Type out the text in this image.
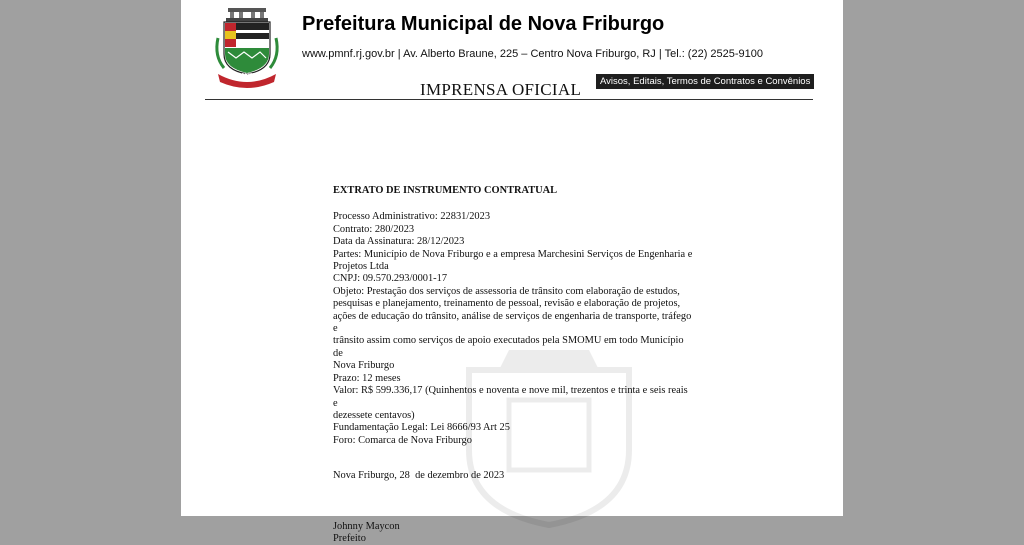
NOVA FRIBURGO
Prefeitura Municipal de Nova Friburgo
www.pmnf.rj.gov.br | Av. Alberto Braune, 225 – Centro Nova Friburgo, RJ | Tel.: (22) 2525-9100
Avisos, Editais, Termos de Contratos e Convênios
IMPRENSA OFICIAL
EXTRATO DE INSTRUMENTO CONTRATUAL

Processo Administrativo: 22831/2023

Contrato: 280/2023

Data da Assinatura: 28/12/2023

Partes: Município de Nova Friburgo e a empresa Marchesini Serviços de Engenharia e

Projetos Ltda

CNPJ: 09.570.293/0001-17

Objeto: Prestação dos serviços de assessoria de trânsito com elaboração de estudos,

pesquisas e planejamento, treinamento de pessoal, revisão e elaboração de projetos,

ações de educação do trânsito, análise de serviços de engenharia de transporte, tráfego e

trânsito assim como serviços de apoio executados pela SMOMU em todo Município de

Nova Friburgo

Prazo: 12 meses

Valor: R$ 599.336,17 (Quinhentos e noventa e nove mil, trezentos e trinta e seis reais e

dezessete centavos)

Fundamentação Legal: Lei 8666/93 Art 25

Foro: Comarca de Nova Friburgo

Nova Friburgo, 28  de dezembro de 2023

Johnny Maycon

Prefeito
